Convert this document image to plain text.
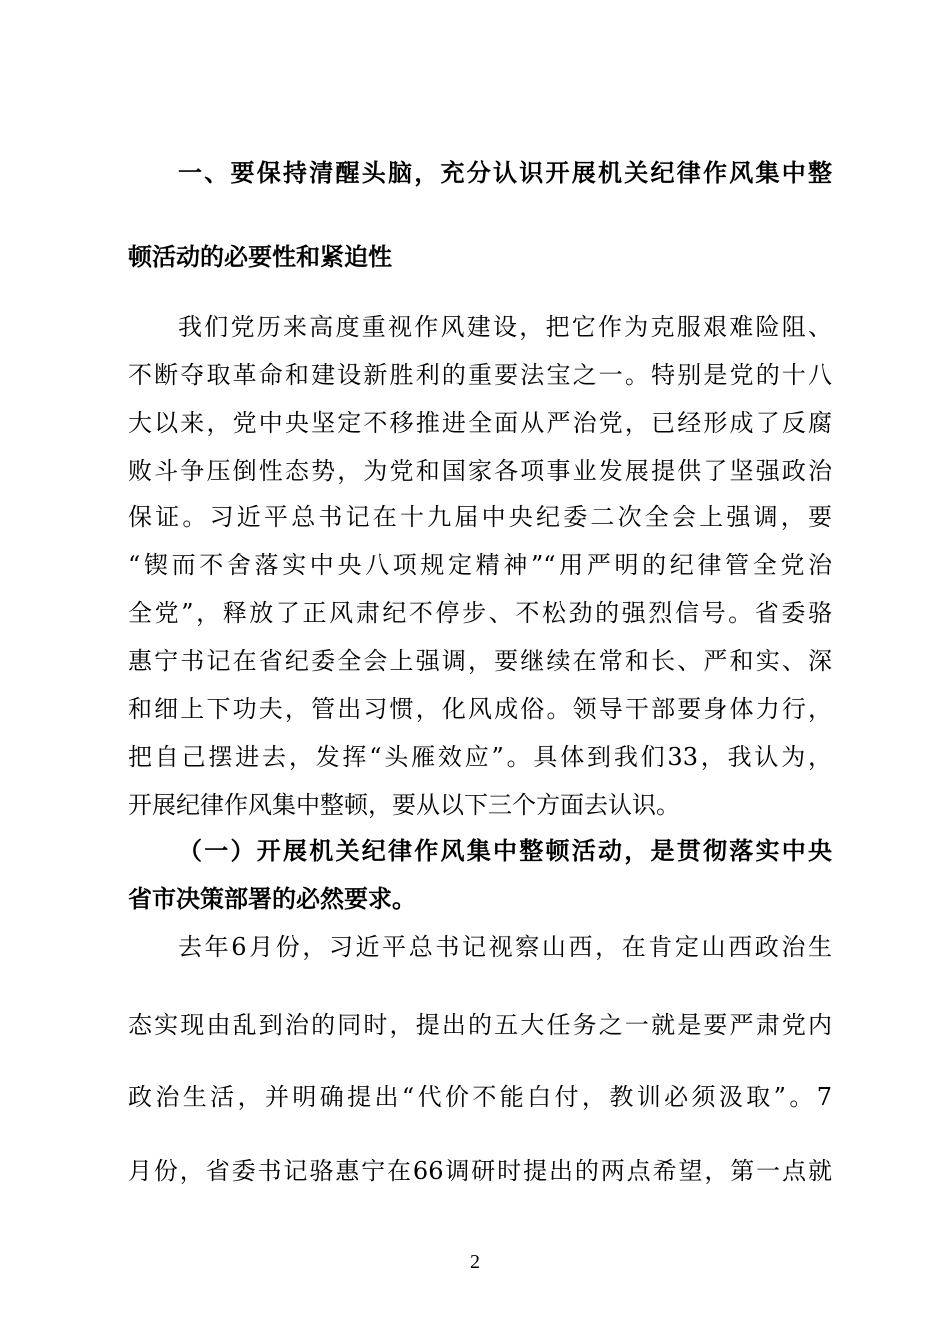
一、要保持清醒头脑，充分认识开展机关纪律作风集中整
顿活动的必要性和紧迫性
我们党历来高度重视作风建设，把它作为克服艰难险阻、
不断夺取革命和建设新胜利的重要法宝之一。特别是党的十八
大以来，党中央坚定不移推进全面从严治党，已经形成了反腐
败斗争压倒性态势，为党和国家各项事业发展提供了坚强政治
保证。习近平总书记在十九届中央纪委二次全会上强调，要
“锲而不舍落实中央八项规定精神”“用严明的纪律管全党治
全党”，释放了正风肃纪不停步、不松劲的强烈信号。省委骆
惠宁书记在省纪委全会上强调，要继续在常和长、严和实、深
和细上下功夫，管出习惯，化风成俗。领导干部要身体力行，
把自己摆进去，发挥“头雁效应”。具体到我们33，我认为，
开展纪律作风集中整顿，要从以下三个方面去认识。
（一）开展机关纪律作风集中整顿活动，是贯彻落实中央
省市决策部署的必然要求。
去年6月份，习近平总书记视察山西，在肯定山西政治生
态实现由乱到治的同时，提出的五大任务之一就是要严肃党内
政治生活，并明确提出“代价不能白付，教训必须汲取”。7
月份，省委书记骆惠宁在66调研时提出的两点希望，第一点就
2
